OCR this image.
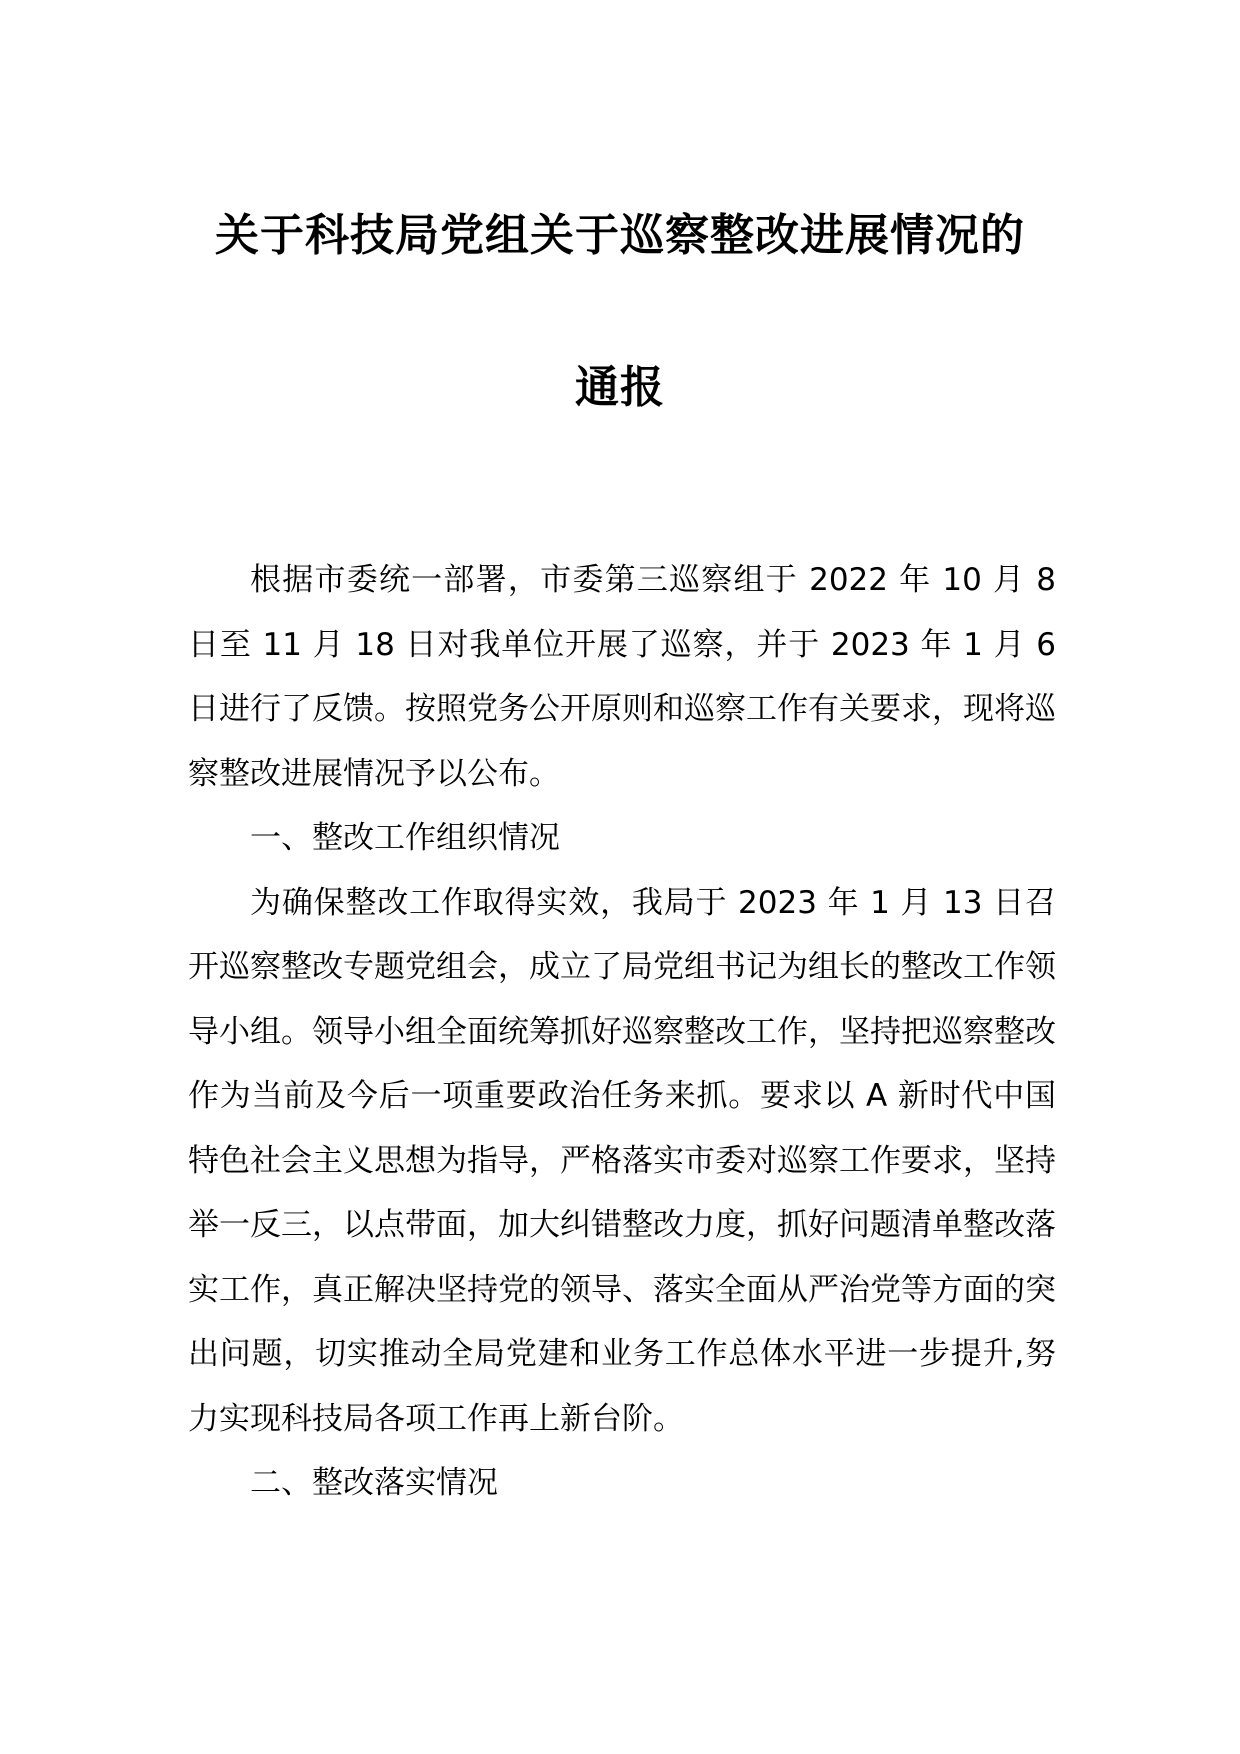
关于科技局党组关于巡察整改进展情况的
通报

根据市委统一部署，市委第三巡察组于 2022 年 10 月 8 日至 11 月 18 日对我单位开展了巡察，并于 2023 年 1 月 6 日进行了反馈。按照党务公开原则和巡察工作有关要求，现将巡察整改进展情况予以公布。

一、整改工作组织情况

为确保整改工作取得实效，我局于 2023 年 1 月 13 日召开巡察整改专题党组会，成立了局党组书记为组长的整改工作领导小组。领导小组全面统筹抓好巡察整改工作，坚持把巡察整改作为当前及今后一项重要政治任务来抓。要求以 A 新时代中国特色社会主义思想为指导，严格落实市委对巡察工作要求，坚持举一反三，以点带面，加大纠错整改力度，抓好问题清单整改落实工作，真正解决坚持党的领导、落实全面从严治党等方面的突出问题，切实推动全局党建和业务工作总体水平进一步提升,努力实现科技局各项工作再上新台阶。

二、整改落实情况
